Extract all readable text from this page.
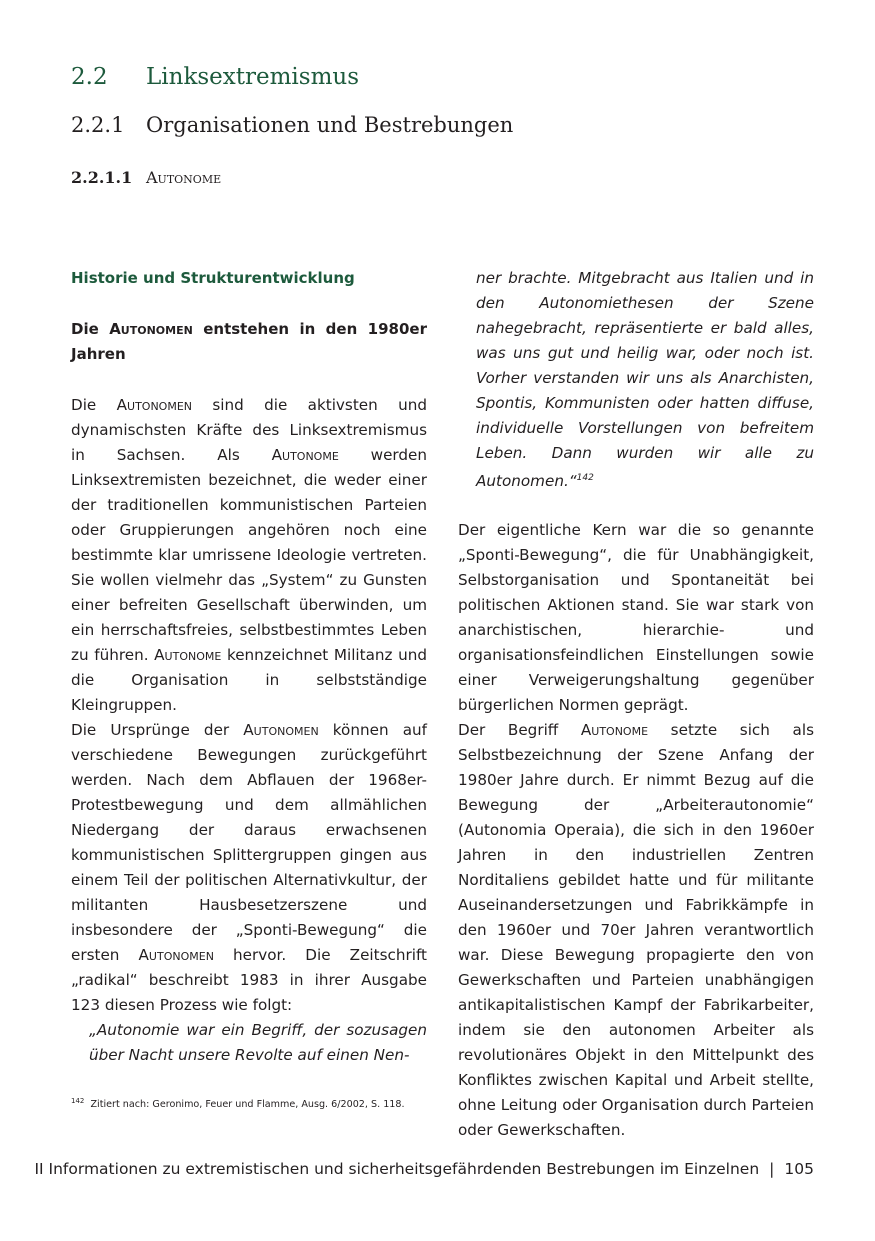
2.2 Linksextremismus
2.2.1 Organisationen und Bestrebungen
2.2.1.1 Autonome
Historie und Strukturentwicklung
Die Autonomen entstehen in den 1980er Jahren

Die Autonomen sind die aktivsten und dynamischsten Kräfte des Linksextremismus in Sachsen. Als Autonome werden Linksextremisten bezeichnet, die weder einer der traditionellen kommunistischen Parteien oder Gruppierungen angehören noch eine bestimmte klar umrissene Ideologie vertreten. Sie wollen vielmehr das „System“ zu Gunsten einer befreiten Gesellschaft überwinden, um ein herrschaftsfreies, selbstbestimmtes Leben zu führen. Autonome kennzeichnet Militanz und die Organisation in selbstständige Kleingruppen.

Die Ursprünge der Autonomen können auf verschiedene Bewegungen zurückgeführt werden. Nach dem Abflauen der 1968er-Protestbewegung und dem allmählichen Niedergang der daraus erwachsenen kommunistischen Splittergruppen gingen aus einem Teil der politischen Alternativkultur, der militanten Hausbesetzerszene und insbesondere der „Sponti-Bewegung“ die ersten Autonomen hervor. Die Zeitschrift „radikal“ beschreibt 1983 in ihrer Ausgabe 123 diesen Prozess wie folgt:

„Autonomie war ein Begriff, der sozusagen über Nacht unsere Revolte auf einen Nen-

ner brachte. Mitgebracht aus Italien und in den Autonomiethesen der Szene nahegebracht, repräsentierte er bald alles, was uns gut und heilig war, oder noch ist. Vorher verstanden wir uns als Anarchisten, Spontis, Kommunisten oder hatten diffuse, individuelle Vorstellungen von befreitem Leben. Dann wurden wir alle zu Autonomen.“$^{142}$

Der eigentliche Kern war die so genannte „Sponti-Bewegung“, die für Unabhängigkeit, Selbstorganisation und Spontaneität bei politischen Aktionen stand. Sie war stark von anarchistischen, hierarchie- und organisationsfeindlichen Einstellungen sowie einer Verweigerungshaltung gegenüber bürgerlichen Normen geprägt.

Der Begriff Autonome setzte sich als Selbstbezeichnung der Szene Anfang der 1980er Jahre durch. Er nimmt Bezug auf die Bewegung der „Arbeiterautonomie“ (Autonomia Operaia), die sich in den 1960er Jahren in den industriellen Zentren Norditaliens gebildet hatte und für militante Auseinandersetzungen und Fabrikkämpfe in den 1960er und 70er Jahren verantwortlich war. Diese Bewegung propagierte den von Gewerkschaften und Parteien unabhängigen antikapitalistischen Kampf der Fabrikarbeiter, indem sie den autonomen Arbeiter als revolutionäres Objekt in den Mittelpunkt des Konfliktes zwischen Kapital und Arbeit stellte, ohne Leitung oder Organisation durch Parteien oder Gewerkschaften.

$^{142}$ Zitiert nach: Geronimo, Feuer und Flamme, Ausg. 6/2002, S. 118.
II Informationen zu extremistischen und sicherheitsgefährdenden Bestrebungen im Einzelnen | 105
